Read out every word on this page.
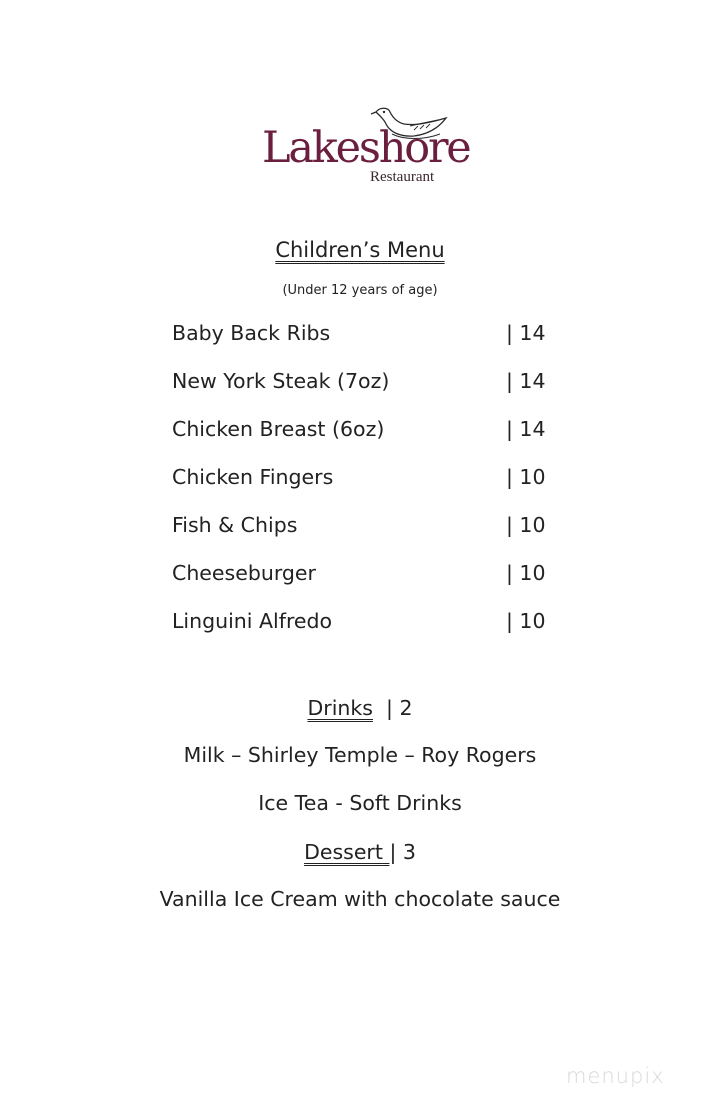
Lakeshore
Restaurant
Children’s Menu
(Under 12 years of age)
Baby Back Ribs	| 14
New York Steak (7oz)	| 14
Chicken Breast (6oz)	| 14
Chicken Fingers	| 10
Fish & Chips	| 10
Cheeseburger	| 10
Linguini Alfredo	| 10
Drinks | 2
Milk – Shirley Temple – Roy Rogers
Ice Tea - Soft Drinks
Dessert | 3
Vanilla Ice Cream with chocolate sauce
menupix
